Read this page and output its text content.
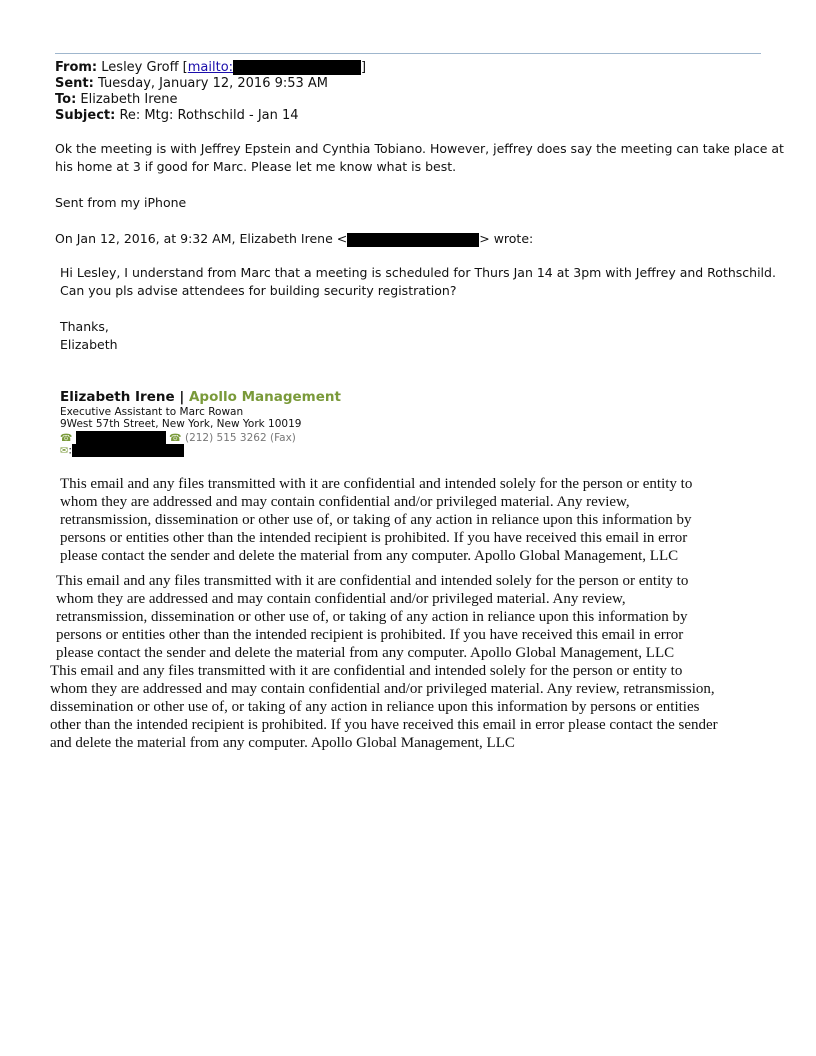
From: Lesley Groff [mailto:	]
Sent: Tuesday, January 12, 2016 9:53 AM
To: Elizabeth Irene
Subject: Re: Mtg: Rothschild - Jan 14
Ok the meeting is with Jeffrey Epstein and Cynthia Tobiano. However, jeffrey does say the meeting can take place at
his home at 3 if good for Marc. Please let me know what is best.
Sent from my iPhone
On Jan 12, 2016, at 9:32 AM, Elizabeth Irene <	> wrote:
Hi Lesley, I understand from Marc that a meeting is scheduled for Thurs Jan 14 at 3pm with Jeffrey and Rothschild.
Can you pls advise attendees for building security registration?
Thanks,
Elizabeth
Elizabeth Irene | Apollo Management
Executive Assistant to Marc Rowan
9West 57th Street, New York, New York 10019
☎	☎ (212) 515 3262 (Fax)
✉:
This email and any files transmitted with it are confidential and intended solely for the person or entity to
whom they are addressed and may contain confidential and/or privileged material. Any review,
retransmission, dissemination or other use of, or taking of any action in reliance upon this information by
persons or entities other than the intended recipient is prohibited. If you have received this email in error
please contact the sender and delete the material from any computer. Apollo Global Management, LLC
This email and any files transmitted with it are confidential and intended solely for the person or entity to
whom they are addressed and may contain confidential and/or privileged material. Any review,
retransmission, dissemination or other use of, or taking of any action in reliance upon this information by
persons or entities other than the intended recipient is prohibited. If you have received this email in error
please contact the sender and delete the material from any computer. Apollo Global Management, LLC
This email and any files transmitted with it are confidential and intended solely for the person or entity to
whom they are addressed and may contain confidential and/or privileged material. Any review, retransmission,
dissemination or other use of, or taking of any action in reliance upon this information by persons or entities
other than the intended recipient is prohibited. If you have received this email in error please contact the sender
and delete the material from any computer. Apollo Global Management, LLC
